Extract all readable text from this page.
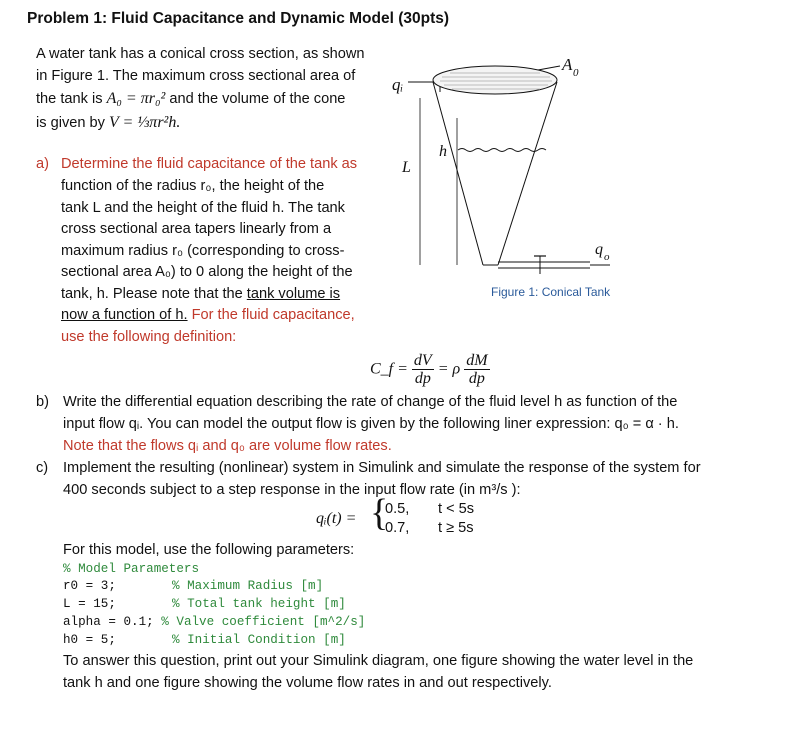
Problem 1: Fluid Capacitance and Dynamic Model (30pts)
A water tank has a conical cross section, as shown
in Figure 1. The maximum cross sectional area of
the tank is A₀ = πr₀² and the volume of the cone
is given by V = ⅓πr²h.
a) Determine the fluid capacitance of the tank as
function of the radius r₀, the height of the
tank L and the height of the fluid h. The tank
cross sectional area tapers linearly from a
maximum radius r₀ (corresponding to cross-
sectional area A₀) to 0 along the height of the
tank, h. Please note that the tank volume is
now a function of h. For the fluid capacitance,
use the following definition:
C_f = $\frac{dV}{dp} = \rho \frac{dM}{dp}$
b) Write the differential equation describing the rate of change of the fluid level h as function of the
input flow qᵢ. You can model the output flow is given by the following liner expression: q₀ = α · h.
Note that the flows qᵢ and q₀ are volume flow rates.
c) Implement the resulting (nonlinear) system in Simulink and simulate the response of the system for
400 seconds subject to a step response in the input flow rate (in m³/s ):
qᵢ(t) = {
0.5, t < 5s
0.7, t ≥ 5s
For this model, use the following parameters:
% Model Parameters
r0 = 3;	% Maximum Radius [m]
L = 15;	% Total tank height [m]
alpha = 0.1; % Valve coefficient [m^2/s]
h0 = 5;	% Initial Condition [m]
To answer this question, print out your Simulink diagram, one figure showing the water level in the
tank h and one figure showing the volume flow rates in and out respectively.
qᵢ
A 0
h
L
q o
Figure 1: Conical Tank
